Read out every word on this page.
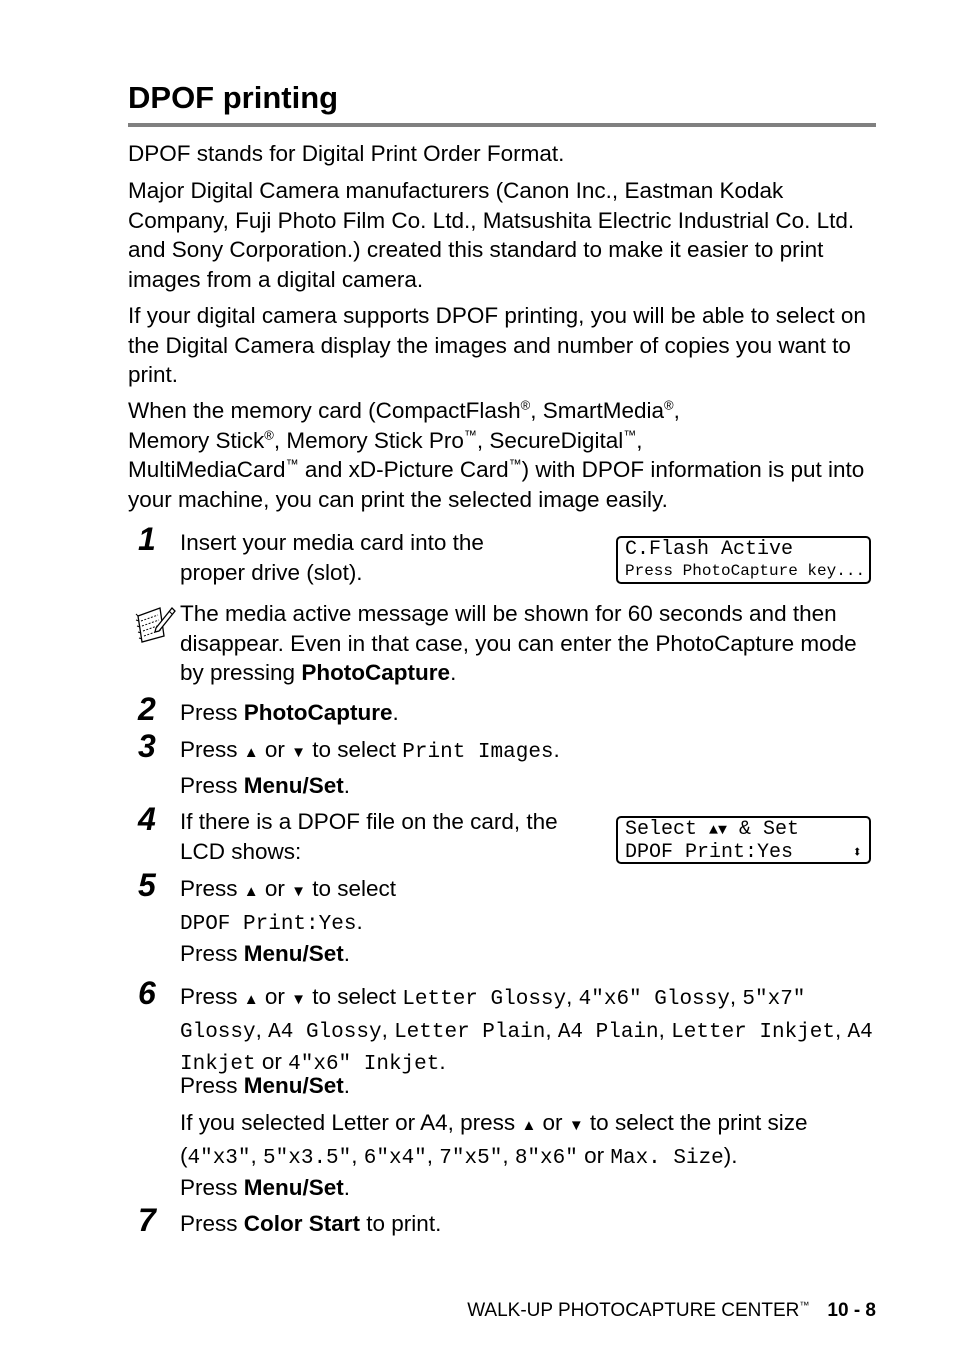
DPOF printing
DPOF stands for Digital Print Order Format.
Major Digital Camera manufacturers (Canon Inc., Eastman Kodak Company, Fuji Photo Film Co. Ltd., Matsushita Electric Industrial Co. Ltd. and Sony Corporation.) created this standard to make it easier to print images from a digital camera.
If your digital camera supports DPOF printing, you will be able to select on the Digital Camera display the images and number of copies you want to print.
When the memory card (CompactFlash®, SmartMedia®,
Memory Stick®, Memory Stick Pro™, SecureDigital™,
MultiMediaCard™ and xD-Picture Card™) with DPOF information is put into your machine, you can print the selected image easily.
1 Insert your media card into the proper drive (slot).
C.Flash Active
Press PhotoCapture key...
The media active message will be shown for 60 seconds and then disappear. Even in that case, you can enter the PhotoCapture mode by pressing PhotoCapture.
2 Press PhotoCapture.
3 Press ▲ or ▼ to select Print Images.
Press Menu/Set.
4 If there is a DPOF file on the card, the LCD shows:
Select ▲▼ & Set
DPOF Print:Yes	⬍
5 Press ▲ or ▼ to select
DPOF Print:Yes.
Press Menu/Set.
6 Press ▲ or ▼ to select Letter Glossy, 4"x6" Glossy, 5"x7" Glossy, A4 Glossy, Letter Plain, A4 Plain, Letter Inkjet, A4 Inkjet or 4"x6" Inkjet.
Press Menu/Set.
If you selected Letter or A4, press ▲ or ▼ to select the print size (4"x3", 5"x3.5", 6"x4", 7"x5", 8"x6" or Max. Size).
Press Menu/Set.
7 Press Color Start to print.
WALK-UP PHOTOCAPTURE CENTER™ 10 - 8
